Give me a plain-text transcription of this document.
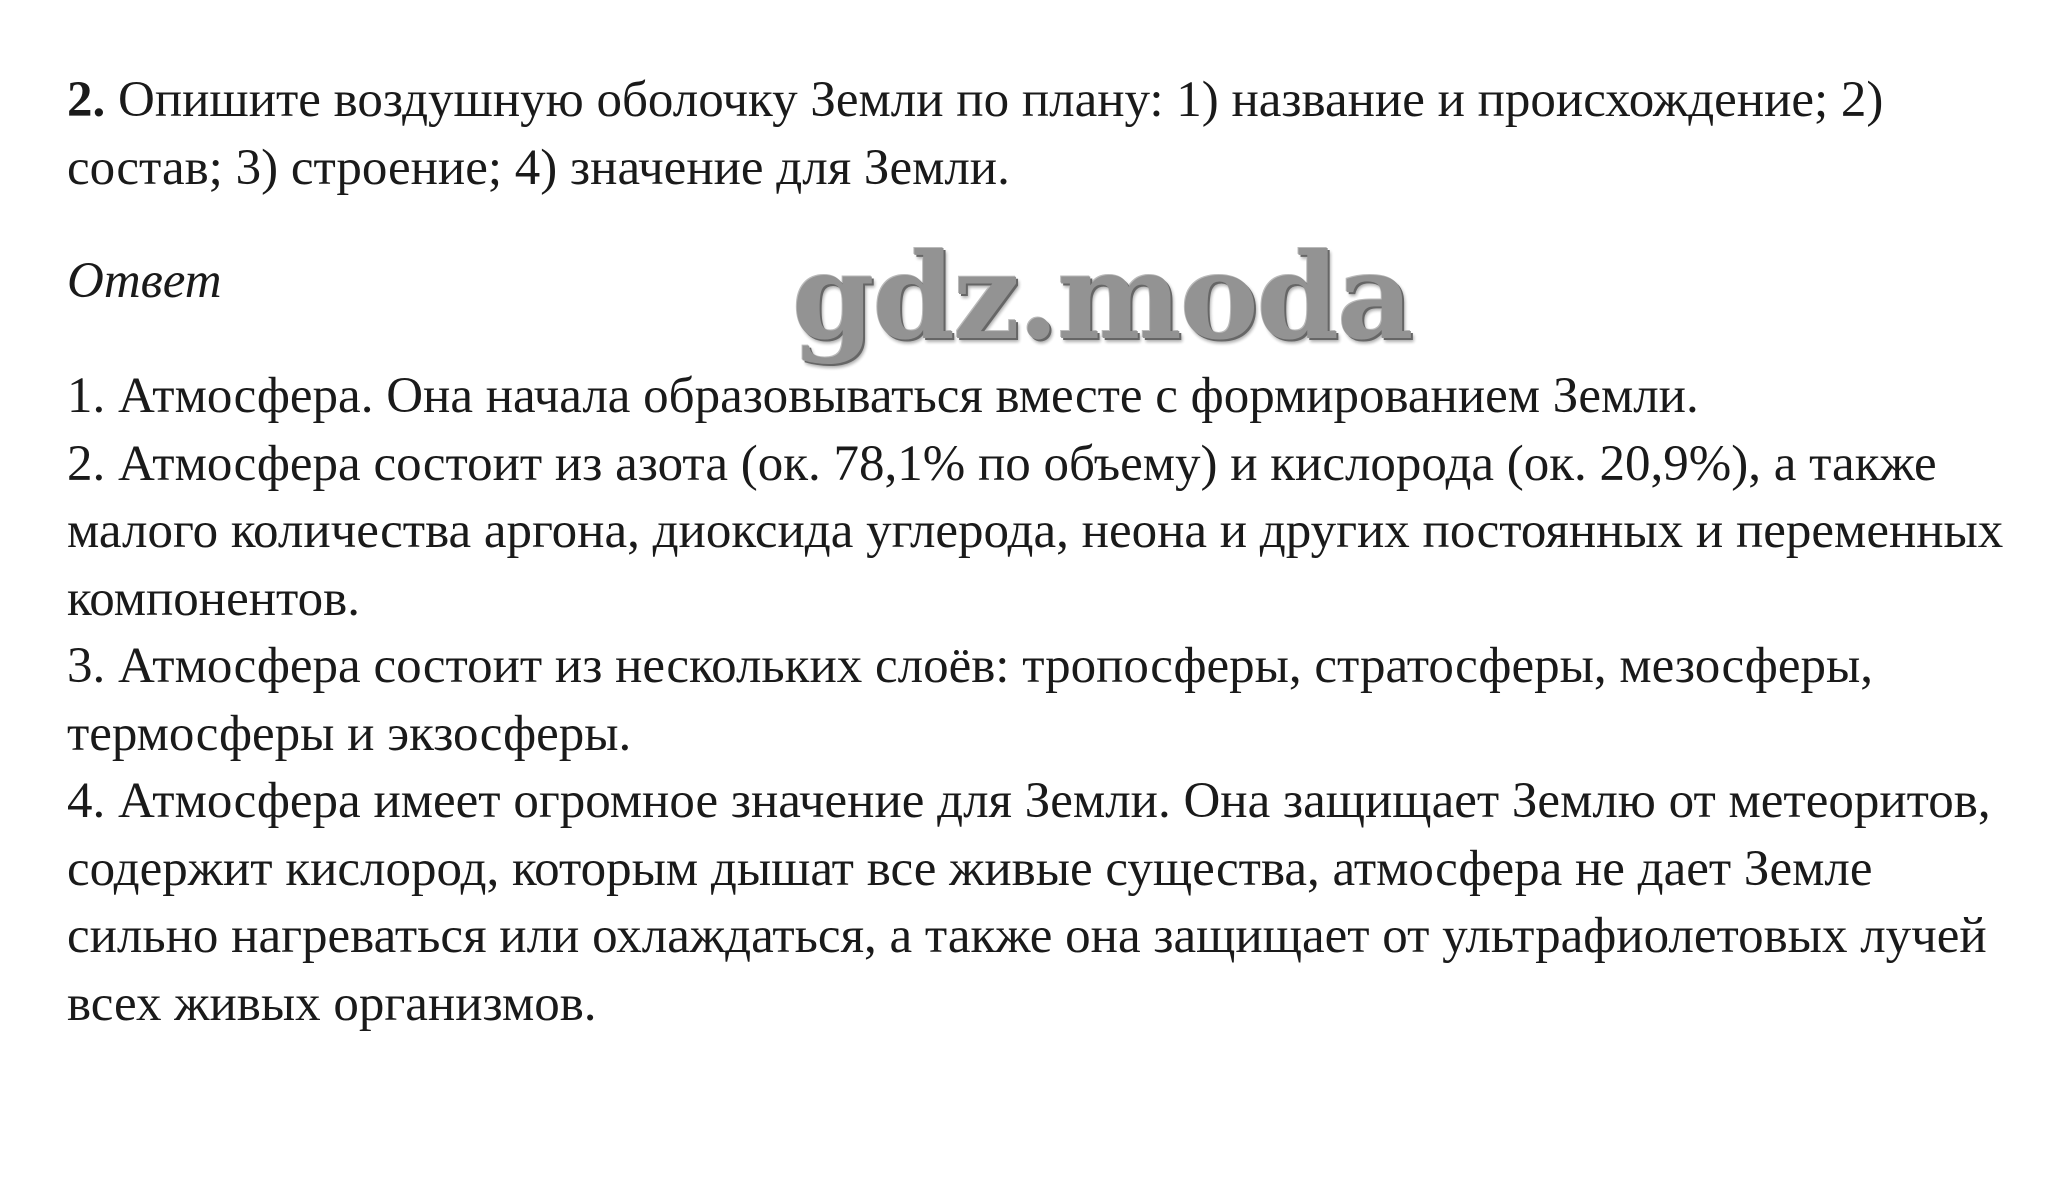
2. Опишите воздушную оболочку Земли по плану: 1) название и происхождение; 2) состав; 3) строение; 4) значение для Земли.

Ответ

1. Атмосфера. Она начала образовываться вместе с формированием Земли.

2. Атмосфера состоит из азота (ок. 78,1% по объему) и кислорода (ок. 20,9%), а также малого количества аргона, диоксида углерода, неона и других постоянных и переменных компонентов.

3. Атмосфера состоит из нескольких слоёв: тропосферы, стратосферы, мезосферы, термосферы и экзосферы.

4. Атмосфера имеет огромное значение для Земли. Она защищает Землю от метеоритов, содержит кислород, которым дышат все живые существа, атмосфера не дает Земле сильно нагреваться или охлаждаться, а также она защищает от ультрафиолетовых лучей всех живых организмов.

gdz.moda
